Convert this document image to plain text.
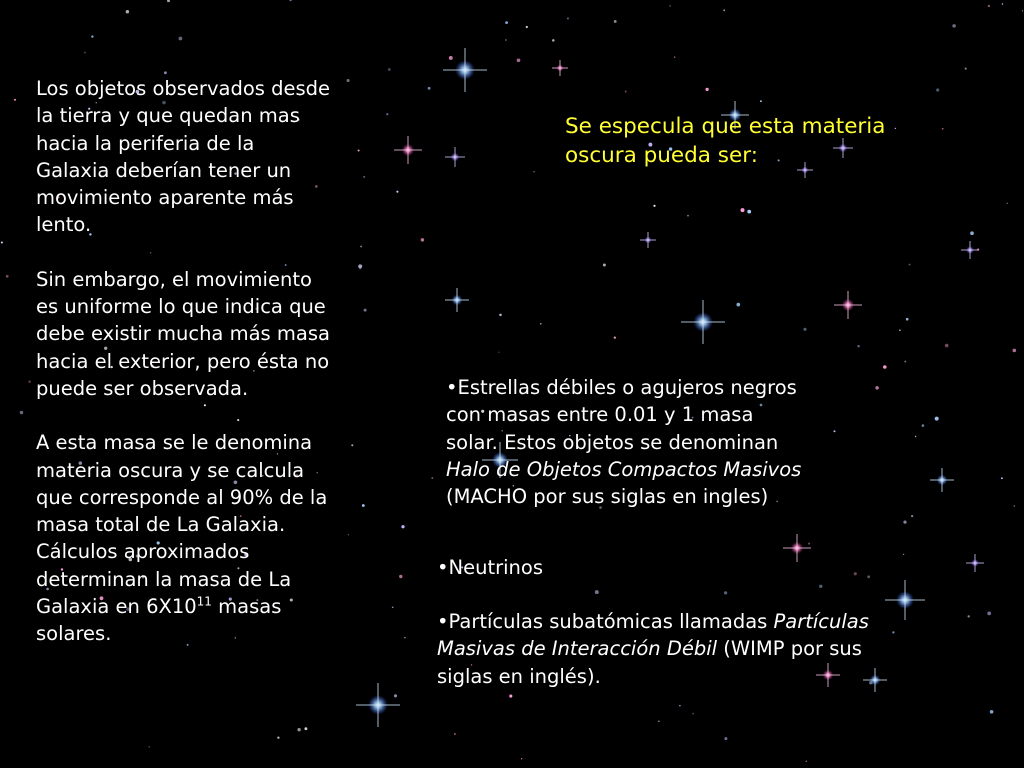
Los objetos observados desde
la tierra y que quedan mas
hacia la periferia de la
Galaxia deberían tener un
movimiento aparente más
lento.

Sin embargo, el movimiento
es uniforme lo que indica que
debe existir mucha más masa
hacia el exterior, pero ésta no
puede ser observada.

A esta masa se le denomina
materia oscura y se calcula
que corresponde al 90% de la
masa total de La Galaxia.

Cálculos aproximados
determinan la masa de La
Galaxia en $6X10^{11}$ masas
solares.

Se especula que esta materia
oscura pueda ser:
•Estrellas débiles o agujeros negros
con masas entre 0.01 y 1 masa
solar. Estos objetos se denominan
Halo de Objetos Compactos Masivos
(MACHO por sus siglas en ingles)
•Neutrinos
•Partículas subatómicas llamadas Partículas
Masivas de Interacción Débil (WIMP por sus
siglas en inglés).
